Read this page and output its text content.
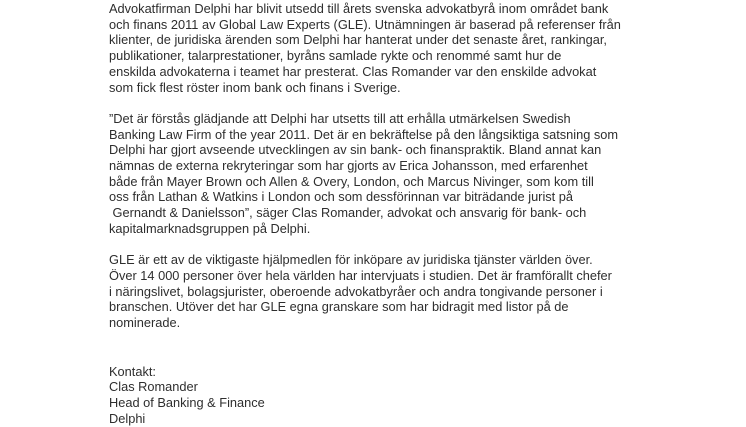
Advokatfirman Delphi har blivit utsedd till årets svenska advokatbyrå inom området bank
och finans 2011 av Global Law Experts (GLE). Utnämningen är baserad på referenser från
klienter, de juridiska ärenden som Delphi har hanterat under det senaste året, rankingar,
publikationer, talarprestationer, byråns samlade rykte och renommé samt hur de
enskilda advokaterna i teamet har presterat. Clas Romander var den enskilde advokat
som fick flest röster inom bank och finans i Sverige.
”Det är förstås glädjande att Delphi har utsetts till att erhålla utmärkelsen Swedish
Banking Law Firm of the year 2011. Det är en bekräftelse på den långsiktiga satsning som
Delphi har gjort avseende utvecklingen av sin bank- och finanspraktik. Bland annat kan
nämnas de externa rekryteringar som har gjorts av Erica Johansson, med erfarenhet
både från Mayer Brown och Allen & Overy, London, och Marcus Nivinger, som kom till
oss från Lathan & Watkins i London och som dessförinnan var biträdande jurist på
Gernandt & Danielsson”, säger Clas Romander, advokat och ansvarig för bank- och
kapitalmarknadsgruppen på Delphi.
GLE är ett av de viktigaste hjälpmedlen för inköpare av juridiska tjänster världen över.
Över 14 000 personer över hela världen har intervjuats i studien. Det är framförallt chefer
i näringslivet, bolagsjurister, oberoende advokatbyråer och andra tongivande personer i
branschen. Utöver det har GLE egna granskare som har bidragit med listor på de
nominerade.
Kontakt:
Clas Romander
Head of Banking & Finance
Delphi
